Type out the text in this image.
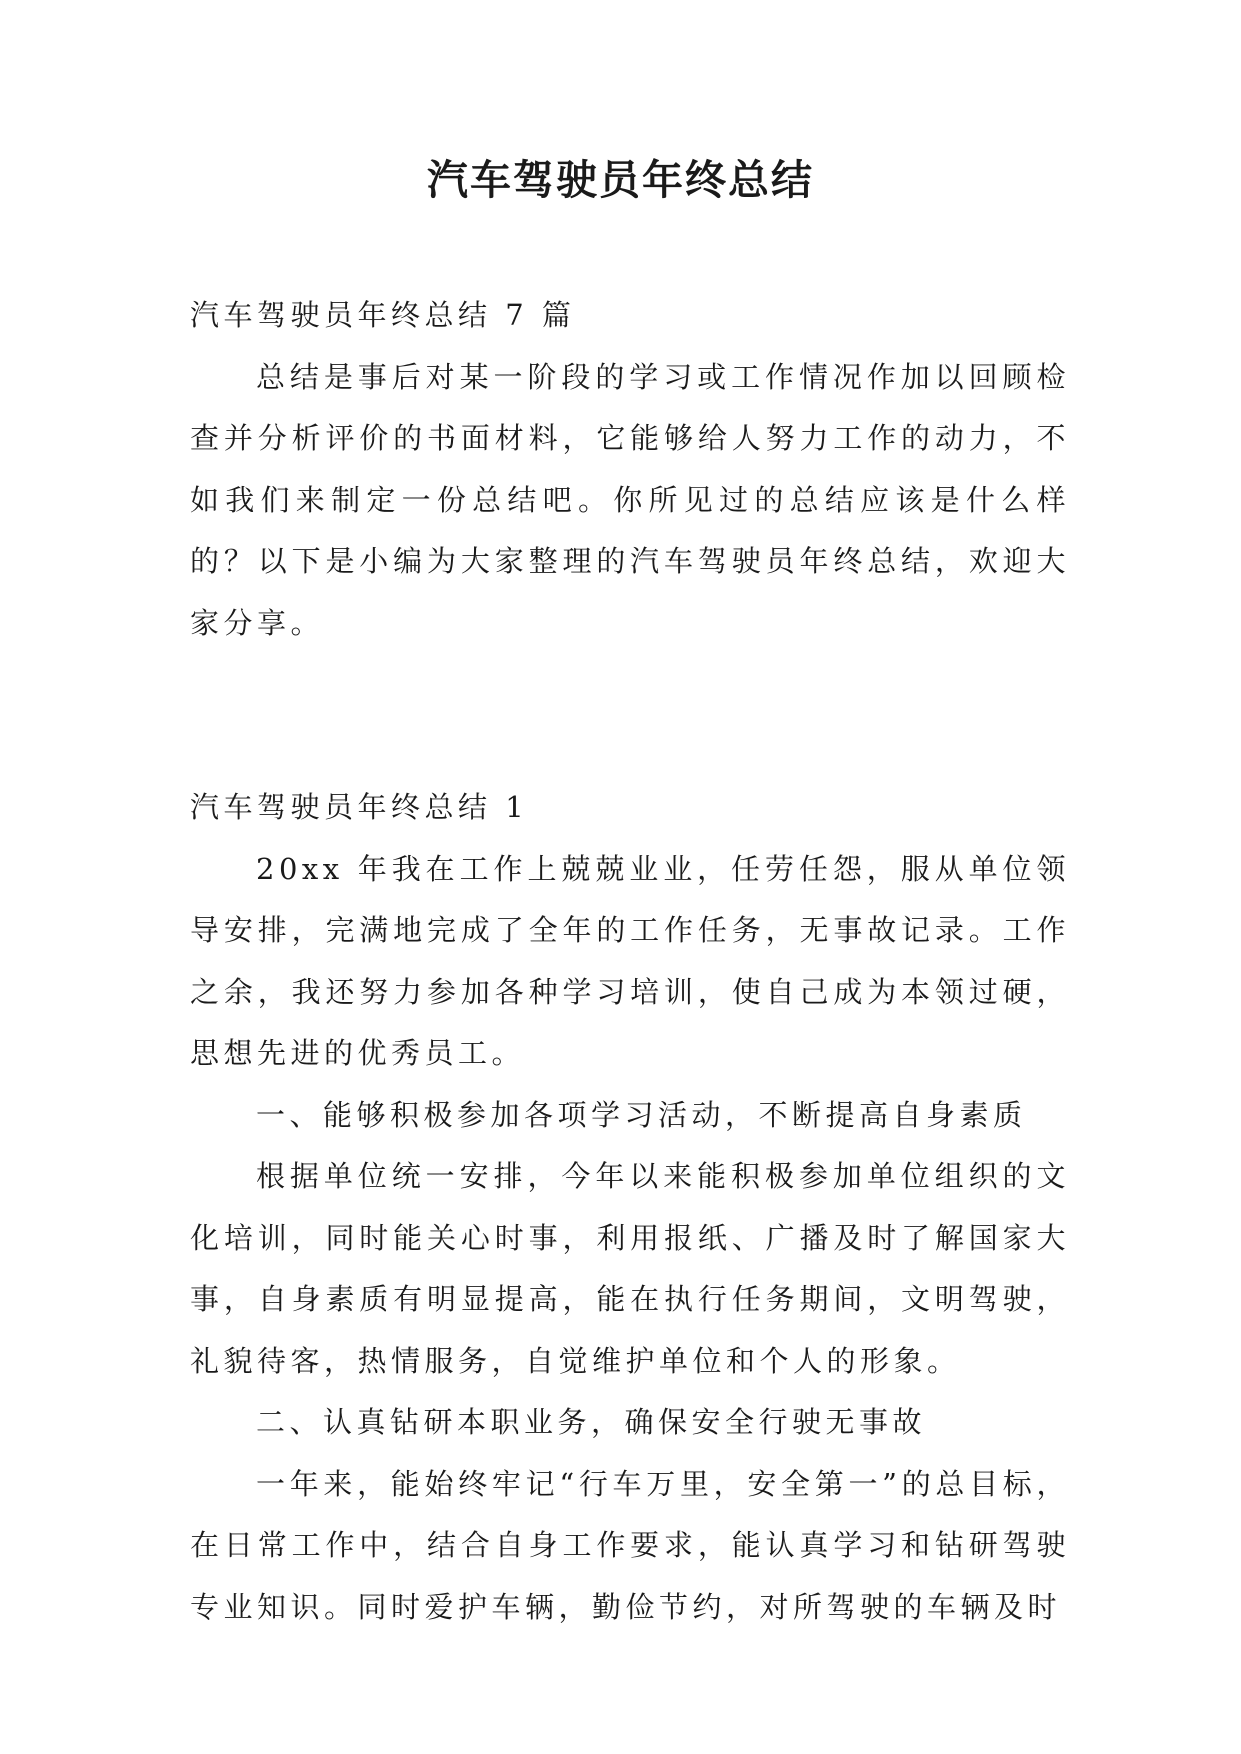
汽车驾驶员年终总结

汽车驾驶员年终总结 7 篇

总结是事后对某一阶段的学习或工作情况作加以回顾检查并分析评价的书面材料，它能够给人努力工作的动力，不如我们来制定一份总结吧。你所见过的总结应该是什么样的？以下是小编为大家整理的汽车驾驶员年终总结，欢迎大家分享。

汽车驾驶员年终总结 1

20xx 年我在工作上兢兢业业，任劳任怨，服从单位领导安排，完满地完成了全年的工作任务，无事故记录。工作之余，我还努力参加各种学习培训，使自己成为本领过硬，思想先进的优秀员工。

一、能够积极参加各项学习活动，不断提高自身素质

根据单位统一安排，今年以来能积极参加单位组织的文化培训，同时能关心时事，利用报纸、广播及时了解国家大事，自身素质有明显提高，能在执行任务期间，文明驾驶，礼貌待客，热情服务，自觉维护单位和个人的形象。

二、认真钻研本职业务，确保安全行驶无事故

一年来，能始终牢记“行车万里，安全第一”的总目标，在日常工作中，结合自身工作要求，能认真学习和钻研驾驶专业知识。同时爱护车辆，勤俭节约，对所驾驶的车辆及时
